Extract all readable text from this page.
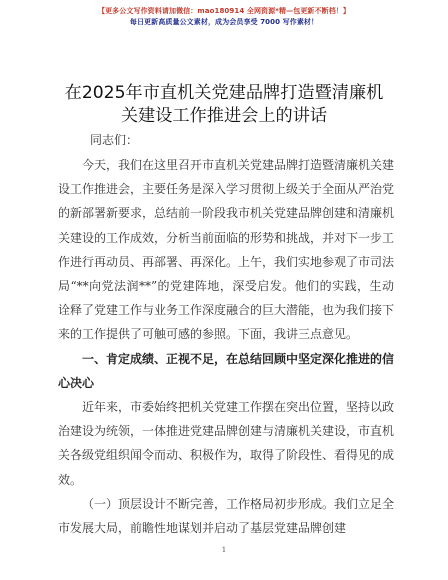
【更多公文写作资料请加微信：mao180914 全网资源*精—包更新不断档！】
每日更新高质量公文素材，成为会员享受 7000 写作素材！
在2025年市直机关党建品牌打造暨清廉机关建设工作推进会上的讲话
同志们：

今天，我们在这里召开市直机关党建品牌打造暨清廉机关建设工作推进会，主要任务是深入学习贯彻上级关于全面从严治党的新部署新要求，总结前一阶段我市机关党建品牌创建和清廉机关建设的工作成效，分析当前面临的形势和挑战，并对下一步工作进行再动员、再部署、再深化。上午，我们实地参观了市司法局“**向党法润**”的党建阵地，深受启发。他们的实践，生动诠释了党建工作与业务工作深度融合的巨大潜能，也为我们接下来的工作提供了可触可感的参照。下面，我讲三点意见。

一、肯定成绩、正视不足，在总结回顾中坚定深化推进的信心决心

近年来，市委始终把机关党建工作摆在突出位置，坚持以政治建设为统领，一体推进党建品牌创建与清廉机关建设，市直机关各级党组织闻令而动、积极作为，取得了阶段性、看得见的成效。

（一）顶层设计不断完善，工作格局初步形成。我们立足全市发展大局，前瞻性地谋划并启动了基层党建品牌创建

1
